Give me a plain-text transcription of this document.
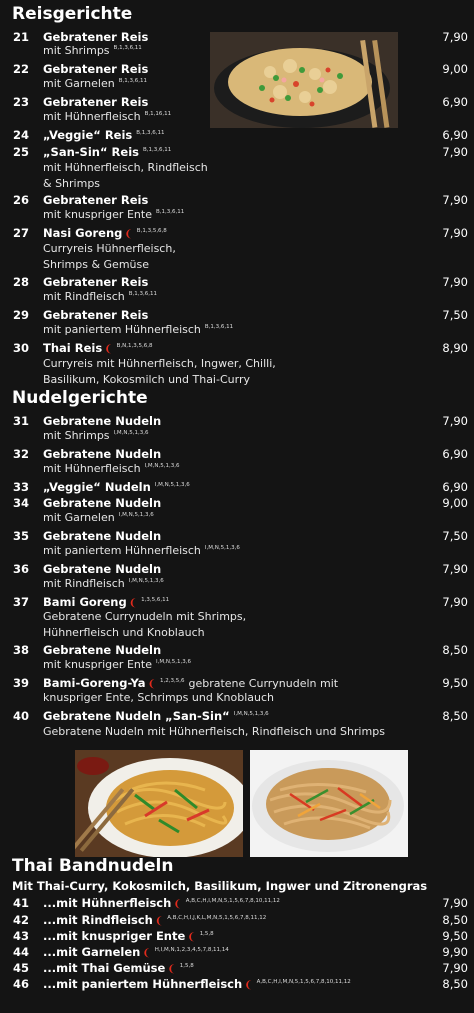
Reisgerichte
21 Gebratener Reis	7,90
mit Shrimps $^{B,1,3,6,11}$
22 Gebratener Reis	9,00
mit Garnelen $^{B,1,3,6,11}$
23 Gebratener Reis	6,90
mit Hühnerfleisch $^{B,1,16,11}$
24 „Veggie“ Reis $^{B,1,3,6,11}$	6,90
25 „San-Sin“ Reis $^{B,1,3,6,11}$	7,90
mit Hühnerfleisch, Rindfleisch
& Shrimps
26 Gebratener Reis	7,90
mit knuspriger Ente $^{B,1,3,6,11}$
27 Nasi Goreng ❨ $^{B,1,3,5,6,8}$	7,90
Curryreis Hühnerfleisch,
Shrimps & Gemüse
28 Gebratener Reis	7,90
mit Rindfleisch $^{B,1,3,6,11}$
29 Gebratener Reis	7,50
mit paniertem Hühnerfleisch $^{B,1,3,6,11}$
30 Thai Reis ❨ $^{B,N,1,3,5,6,8}$	8,90
Curryreis mit Hühnerfleisch, Ingwer, Chilli,
Basilikum, Kokosmilch und Thai-Curry
Nudelgerichte
31 Gebratene Nudeln	7,90
mit Shrimps $^{I,M,N,5,1,3,6}$
32 Gebratene Nudeln	6,90
mit Hühnerfleisch $^{I,M,N,5,1,3,6}$
33 „Veggie“ Nudeln $^{I,M,N,5,1,3,6}$	6,90
34 Gebratene Nudeln	9,00
mit Garnelen $^{I,M,N,5,1,3,6}$
35 Gebratene Nudeln	7,50
mit paniertem Hühnerfleisch $^{I,M,N,5,1,3,6}$
36 Gebratene Nudeln	7,90
mit Rindfleisch $^{I,M,N,5,1,3,6}$
37 Bami Goreng ❨ $^{1,3,5,6,11}$	7,90
Gebratene Currynudeln mit Shrimps,
Hühnerfleisch und Knoblauch
38 Gebratene Nudeln	8,50
mit knuspriger Ente $^{I,M,N,5,1,3,6}$
39 Bami-Goreng-Ya ❨ $^{1,2,3,5,6}$ gebratene Currynudeln mit	9,50
knuspriger Ente, Schrimps und Knoblauch
40 Gebratene Nudeln „San-Sin“ $^{I,M,N,5,1,3,6}$	8,50
Gebratene Nudeln mit Hühnerfleisch, Rindfleisch und Shrimps
Thai Bandnudeln
Mit Thai-Curry, Kokosmilch, Basilikum, Ingwer und Zitronengras
41 ...mit Hühnerfleisch ❨ $^{A,B,C,H,I,M,N,5,1,5,6,7,8,10,11,12}$	7,90
42 ...mit Rindfleisch ❨ $^{A,B,C,H,I,J,K,L,M,N,5,1,5,6,7,8,11,12}$	8,50
43 ...mit knuspriger Ente ❨ $^{1,5,8}$	9,50
44 ...mit Garnelen ❨ $^{H,I,M,N,1,2,3,4,5,7,8,11,14}$	9,90
45 ...mit Thai Gemüse ❨ $^{1,5,8}$	7,90
46 ...mit paniertem Hühnerfleisch ❨ $^{A,B,C,H,I,M,N,5,1,5,6,7,8,10,11,12}$	8,50
